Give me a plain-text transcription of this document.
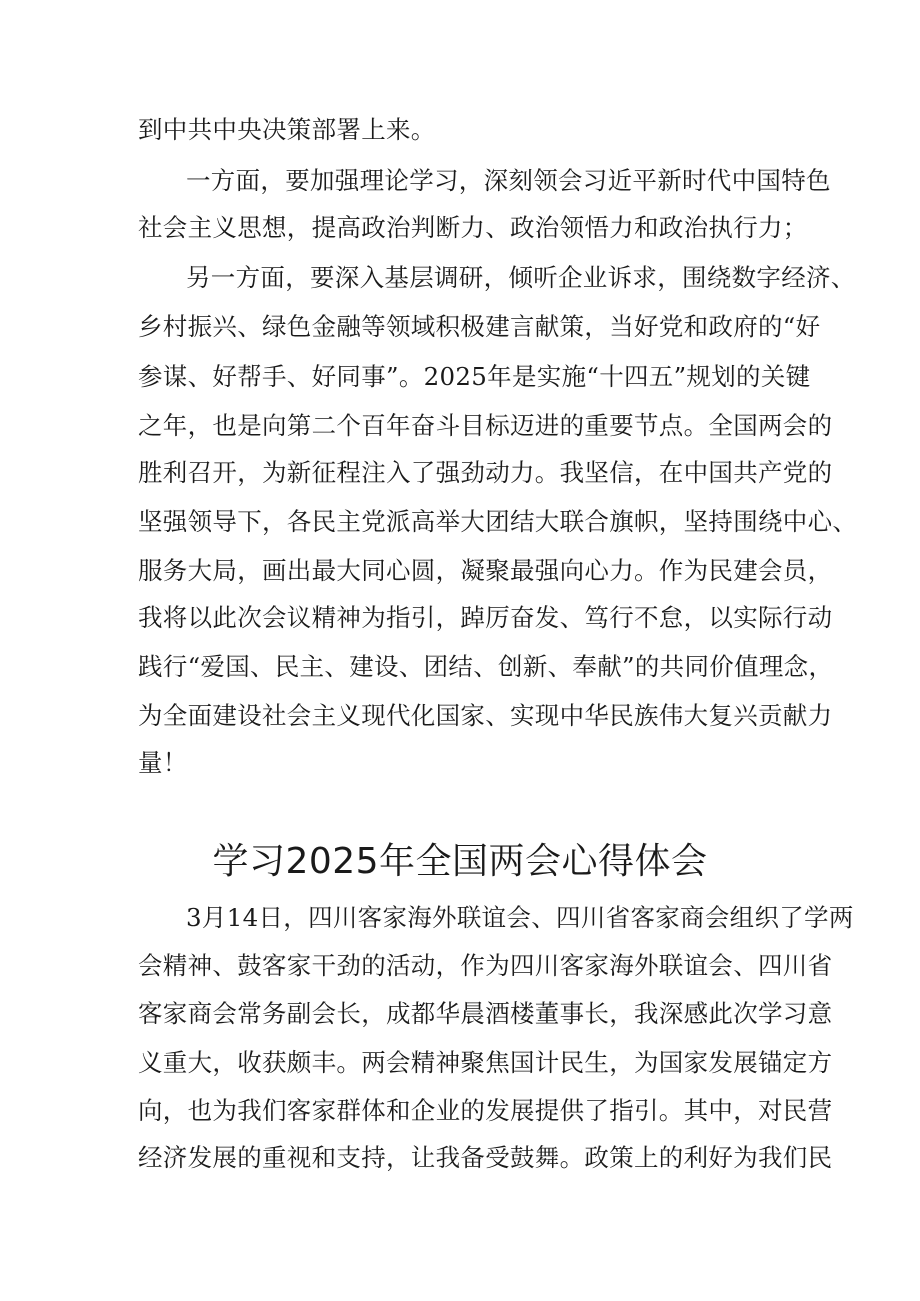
到中共中央决策部署上来。
一方面，要加强理论学习，深刻领会习近平新时代中国特色
社会主义思想，提高政治判断力、政治领悟力和政治执行力；
另一方面，要深入基层调研，倾听企业诉求，围绕数字经济、
乡村振兴、绿色金融等领域积极建言献策，当好党和政府的“好
参谋、好帮手、好同事”。2025年是实施“十四五”规划的关键
之年，也是向第二个百年奋斗目标迈进的重要节点。全国两会的
胜利召开，为新征程注入了强劲动力。我坚信，在中国共产党的
坚强领导下，各民主党派高举大团结大联合旗帜，坚持围绕中心、
服务大局，画出最大同心圆，凝聚最强向心力。作为民建会员，
我将以此次会议精神为指引，踔厉奋发、笃行不怠，以实际行动
践行“爱国、民主、建设、团结、创新、奉献”的共同价值理念，
为全面建设社会主义现代化国家、实现中华民族伟大复兴贡献力
量！
学习2025年全国两会心得体会
3月14日，四川客家海外联谊会、四川省客家商会组织了学两
会精神、鼓客家干劲的活动，作为四川客家海外联谊会、四川省
客家商会常务副会长，成都华晨酒楼董事长，我深感此次学习意
义重大，收获颇丰。两会精神聚焦国计民生，为国家发展锚定方
向，也为我们客家群体和企业的发展提供了指引。其中，对民营
经济发展的重视和支持，让我备受鼓舞。政策上的利好为我们民
